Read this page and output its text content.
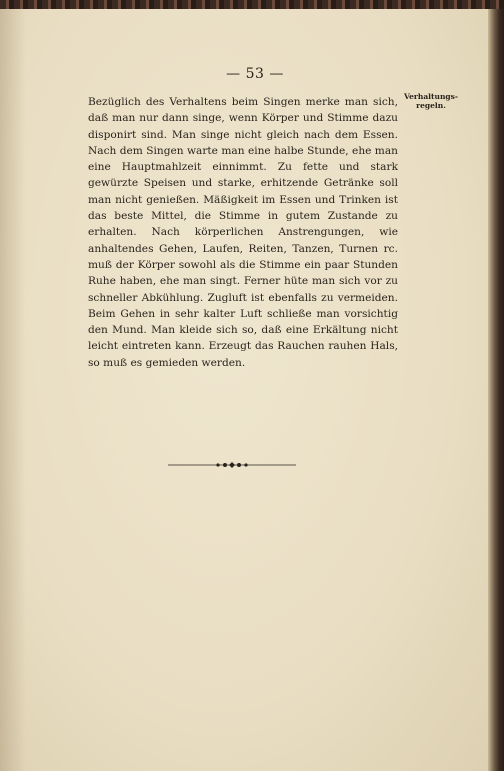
— 53 —
Verhaltungs-
regeln.

Bezüglich des Verhaltens beim Singen merke man sich, daß man nur dann singe, wenn Körper und Stimme dazu disponirt sind. Man singe nicht gleich nach dem Essen. Nach dem Singen warte man eine halbe Stunde, ehe man eine Hauptmahlzeit einnimmt. Zu fette und stark gewürzte Speisen und starke, erhitzende Getränke soll man nicht genießen. Mäßigkeit im Essen und Trinken ist das beste Mittel, die Stimme in gutem Zustande zu erhalten. Nach körperlichen Anstrengungen, wie anhaltendes Gehen, Laufen, Reiten, Tanzen, Turnen rc. muß der Körper sowohl als die Stimme ein paar Stunden Ruhe haben, ehe man singt. Ferner hüte man sich vor zu schneller Abkühlung. Zugluft ist ebenfalls zu vermeiden. Beim Gehen in sehr kalter Luft schließe man vorsichtig den Mund. Man kleide sich so, daß eine Erkältung nicht leicht eintreten kann. Erzeugt das Rauchen rauhen Hals, so muß es gemieden werden.
